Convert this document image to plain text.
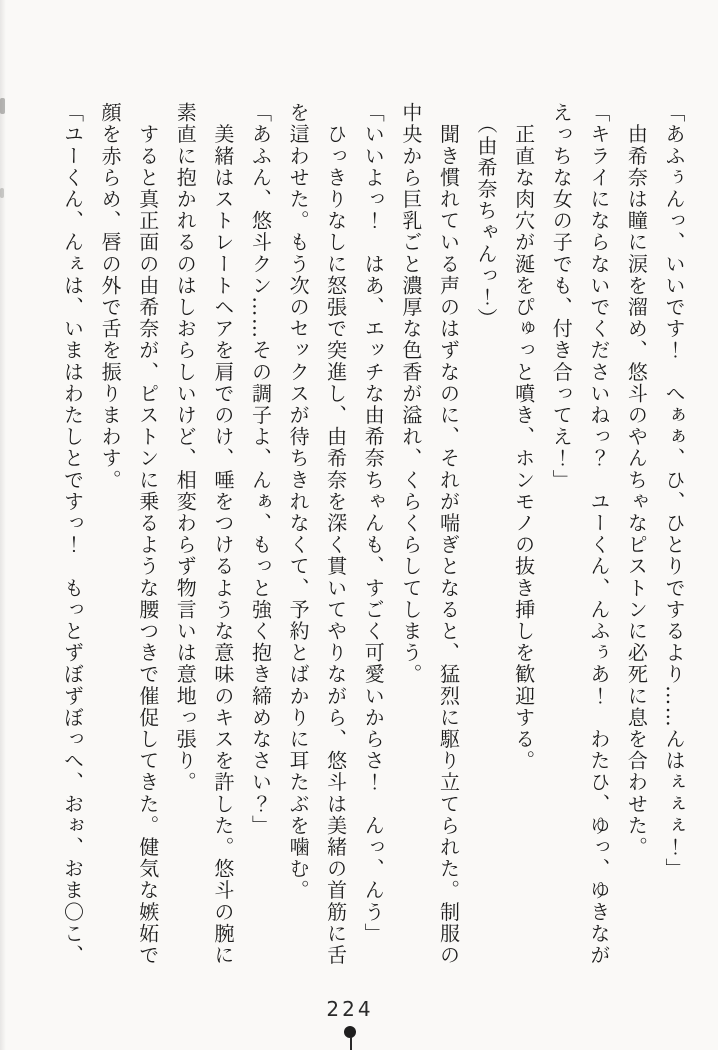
「あふぅんっ、いいです！　へぁぁ、ひ、ひとりでするより……んはぇぇぇ！」

　由希奈は瞳に涙を溜め、悠斗のやんちゃなピストンに必死に息を合わせた。

「キライにならないでくださいねっ？　ユーくん、んふぅあ！　わたひ、ゆっ、ゆきなが

えっちな女の子でも、付き合ってえ！」

　正直な肉穴が涎をぴゅっと噴き、ホンモノの抜き挿しを歓迎する。

　（由希奈ちゃんっ！）

　聞き慣れている声のはずなのに、それが喘ぎとなると、猛烈に駆り立てられた。制服の

中央から巨乳ごと濃厚な色香が溢れ、くらくらしてしまう。

「いいよっ！　はあ、エッチな由希奈ちゃんも、すごく可愛いからさ！　んっ、んう」

　ひっきりなしに怒張で突進し、由希奈を深く貫いてやりながら、悠斗は美緒の首筋に舌

を這わせた。もう次のセックスが待ちきれなくて、予約とばかりに耳たぶを噛む。

「あふん、悠斗クン……その調子よ、んぁ、もっと強く抱き締めなさい？」

　美緒はストレートヘアを肩でのけ、唾をつけるような意味のキスを許した。悠斗の腕に

素直に抱かれるのはしおらしいけど、相変わらず物言いは意地っ張り。

　すると真正面の由希奈が、ピストンに乗るような腰つきで催促してきた。健気な嫉妬で

顔を赤らめ、唇の外で舌を振りまわす。

「ユーくん、んぇは、いまはわたしとですっ！　もっとずぼずぼっへ、おぉ、おま〇こ、

224
